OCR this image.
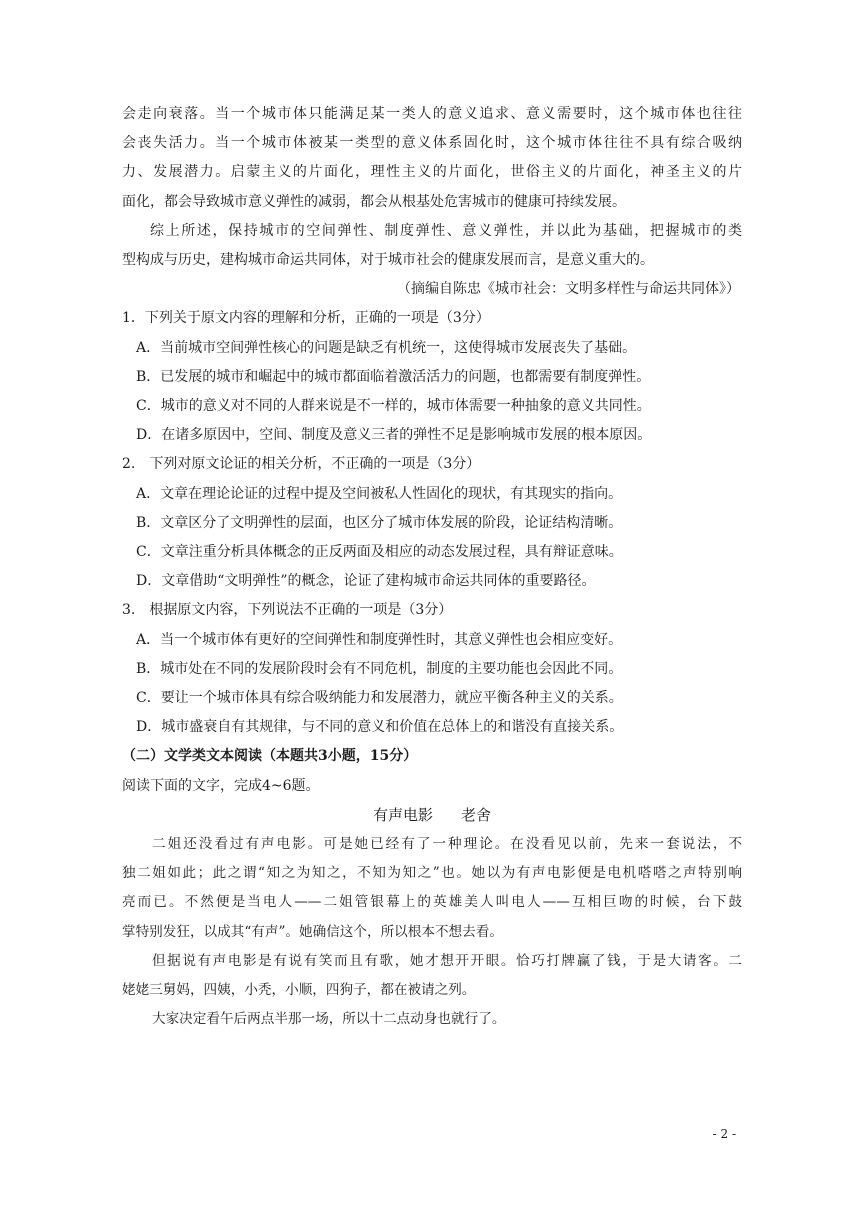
会走向衰落。当一个城市体只能满足某一类人的意义追求、意义需要时，这个城市体也往往
会丧失活力。当一个城市体被某一类型的意义体系固化时，这个城市体往往不具有综合吸纳
力、发展潜力。启蒙主义的片面化，理性主义的片面化，世俗主义的片面化，神圣主义的片
面化，都会导致城市意义弹性的减弱，都会从根基处危害城市的健康可持续发展。
综上所述，保持城市的空间弹性、制度弹性、意义弹性，并以此为基础，把握城市的类
型构成与历史，建构城市命运共同体，对于城市社会的健康发展而言，是意义重大的。
（摘编自陈忠《城市社会：文明多样性与命运共同体》）
1．下列关于原文内容的理解和分析，正确的一项是（3分）
A．当前城市空间弹性核心的问题是缺乏有机统一，这使得城市发展丧失了基础。
B．已发展的城市和崛起中的城市都面临着激活活力的问题，也都需要有制度弹性。
C．城市的意义对不同的人群来说是不一样的，城市体需要一种抽象的意义共同性。
D．在诸多原因中，空间、制度及意义三者的弹性不足是影响城市发展的根本原因。
2.　下列对原文论证的相关分析，不正确的一项是（3分）
A．文章在理论论证的过程中提及空间被私人性固化的现状，有其现实的指向。
B．文章区分了文明弹性的层面，也区分了城市体发展的阶段，论证结构清晰。
C．文章注重分析具体概念的正反两面及相应的动态发展过程，具有辩证意味。
D．文章借助“文明弹性”的概念，论证了建构城市命运共同体的重要路径。
3.　根据原文内容，下列说法不正确的一项是（3分）
A．当一个城市体有更好的空间弹性和制度弹性时，其意义弹性也会相应变好。
B．城市处在不同的发展阶段时会有不同危机，制度的主要功能也会因此不同。
C．要让一个城市体具有综合吸纳能力和发展潜力，就应平衡各种主义的关系。
D．城市盛衰自有其规律，与不同的意义和价值在总体上的和谐没有直接关系。
（二）文学类文本阅读（本题共3小题，15分）
阅读下面的文字，完成4~6题。
有声电影 老舍
二姐还没看过有声电影。可是她已经有了一种理论。在没看见以前，先来一套说法，不
独二姐如此；此之谓“知之为知之，不知为知之”也。她以为有声电影便是电机嗒嗒之声特别响
亮而已。不然便是当电人——二姐管银幕上的英雄美人叫电人——互相巨吻的时候，台下鼓
掌特别发狂，以成其“有声”。她确信这个，所以根本不想去看。
但据说有声电影是有说有笑而且有歌，她才想开开眼。恰巧打牌赢了钱，于是大请客。二
姥姥三舅妈，四姨，小秃，小顺，四狗子，都在被请之列。
大家决定看午后两点半那一场，所以十二点动身也就行了。
- 2 -
